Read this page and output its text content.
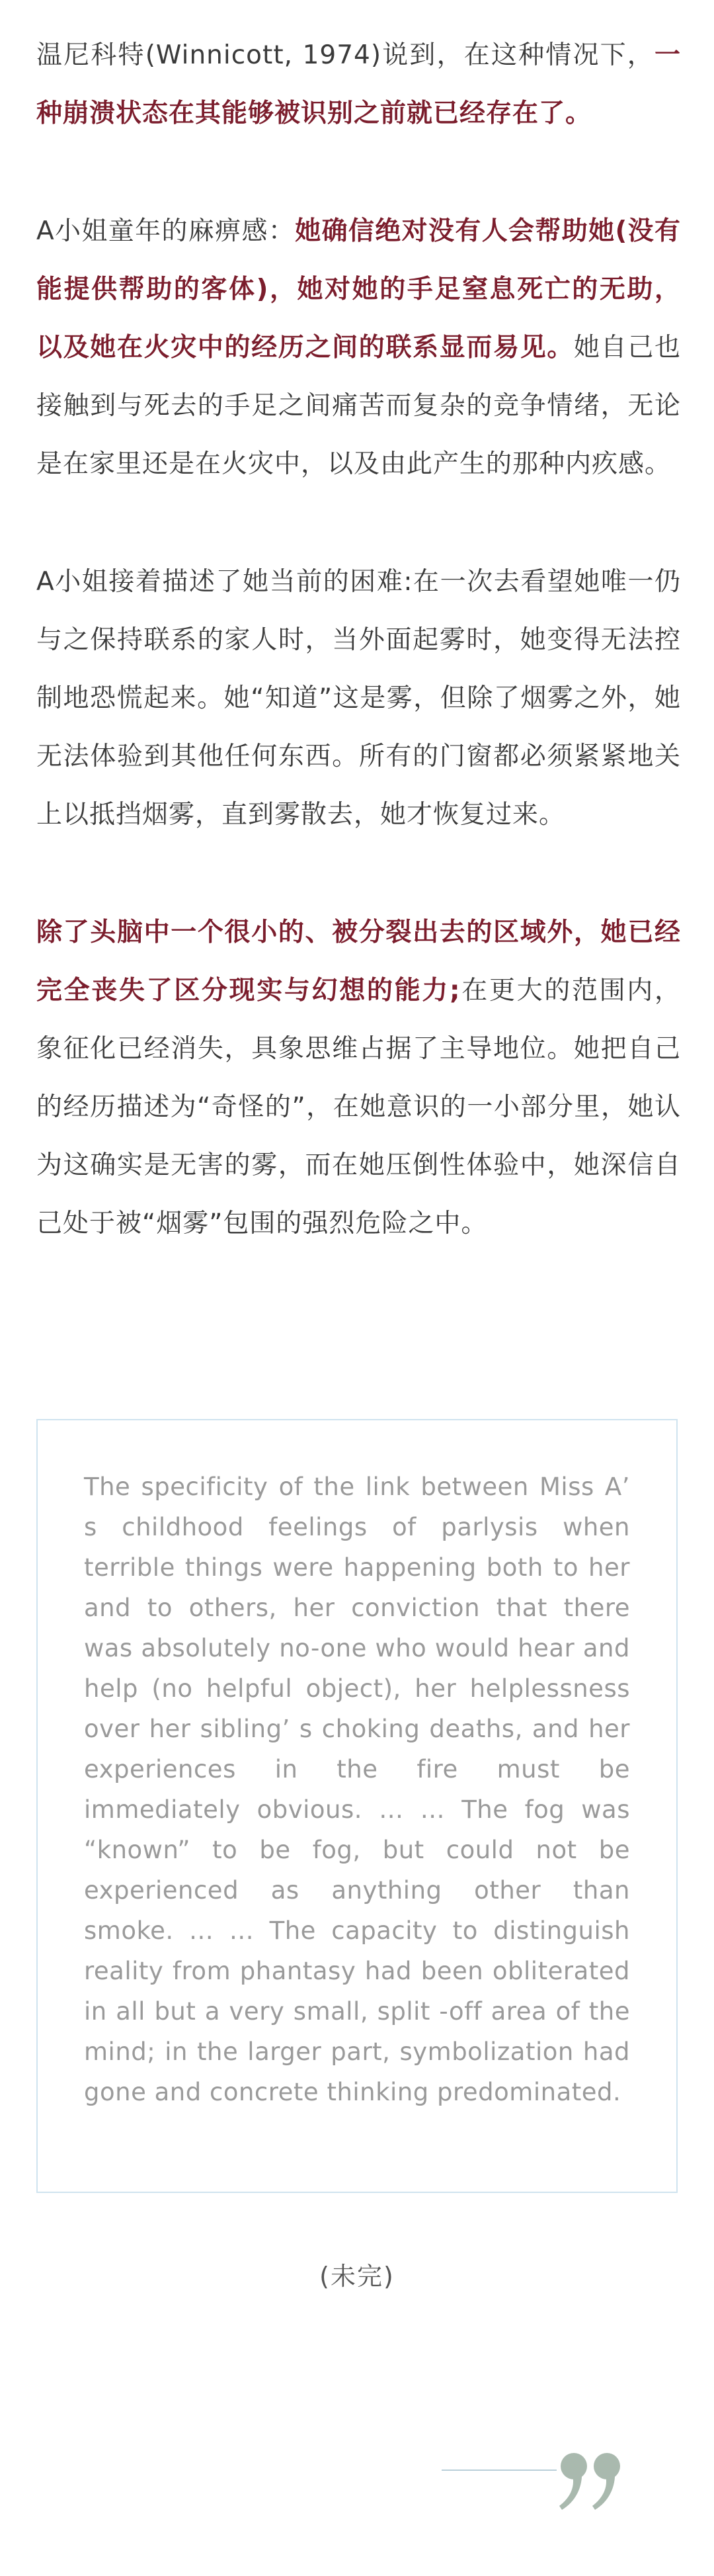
温尼科特(Winnicott, 1974)说到，在这种情况下，一种崩溃状态在其能够被识别之前就已经存在了。

A小姐童年的麻痹感：她确信绝对没有人会帮助她(没有能提供帮助的客体)，她对她的手足窒息死亡的无助，以及她在火灾中的经历之间的联系显而易见。她自己也接触到与死去的手足之间痛苦而复杂的竞争情绪，无论是在家里还是在火灾中，以及由此产生的那种内疚感。

A小姐接着描述了她当前的困难:在一次去看望她唯一仍与之保持联系的家人时，当外面起雾时，她变得无法控制地恐慌起来。她“知道”这是雾，但除了烟雾之外，她无法体验到其他任何东西。所有的门窗都必须紧紧地关上以抵挡烟雾，直到雾散去，她才恢复过来。

除了头脑中一个很小的、被分裂出去的区域外，她已经完全丧失了区分现实与幻想的能力;在更大的范围内，象征化已经消失，具象思维占据了主导地位。她把自己的经历描述为“奇怪的”，在她意识的一小部分里，她认为这确实是无害的雾，而在她压倒性体验中，她深信自己处于被“烟雾”包围的强烈危险之中。

The specificity of the link between Miss A’ s childhood feelings of parlysis when terrible things were happening both to her and to others, her conviction that there was absolutely no-one who would hear and help (no helpful object), her helplessness over her sibling’ s choking deaths, and her experiences in the fire must be immediately obvious. … … The fog was “known” to be fog, but could not be experienced as anything other than smoke. … … The capacity to distinguish reality from phantasy had been obliterated in all but a very small, split -off area of the mind; in the larger part, symbolization had gone and concrete thinking predominated.

(未完)
